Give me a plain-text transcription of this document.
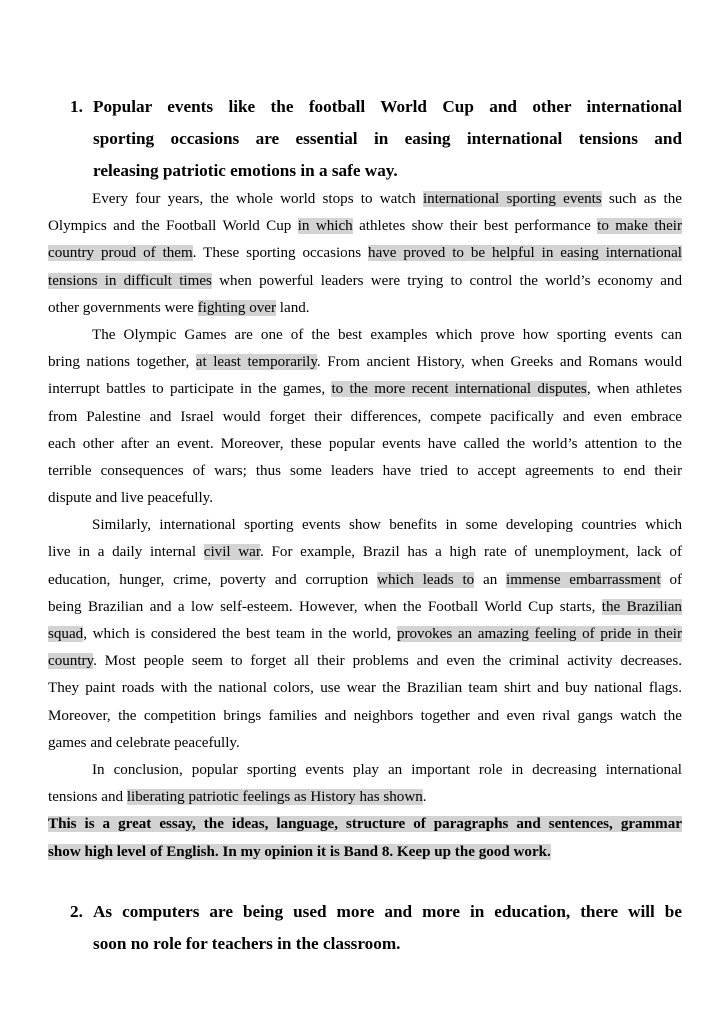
1. Popular events like the football World Cup and other international
sporting occasions are essential in easing international tensions and
releasing patriotic emotions in a safe way.
Every four years, the whole world stops to watch international sporting events such as the
Olympics and the Football World Cup in which athletes show their best performance to make their
country proud of them. These sporting occasions have proved to be helpful in easing international
tensions in difficult times when powerful leaders were trying to control the world’s economy and
other governments were fighting over land.
The Olympic Games are one of the best examples which prove how sporting events can
bring nations together, at least temporarily. From ancient History, when Greeks and Romans would
interrupt battles to participate in the games, to the more recent international disputes, when athletes
from Palestine and Israel would forget their differences, compete pacifically and even embrace
each other after an event. Moreover, these popular events have called the world’s attention to the
terrible consequences of wars; thus some leaders have tried to accept agreements to end their
dispute and live peacefully.
Similarly, international sporting events show benefits in some developing countries which
live in a daily internal civil war. For example, Brazil has a high rate of unemployment, lack of
education, hunger, crime, poverty and corruption which leads to an immense embarrassment of
being Brazilian and a low self-esteem. However, when the Football World Cup starts, the Brazilian
squad, which is considered the best team in the world, provokes an amazing feeling of pride in their
country. Most people seem to forget all their problems and even the criminal activity decreases.
They paint roads with the national colors, use wear the Brazilian team shirt and buy national flags.
Moreover, the competition brings families and neighbors together and even rival gangs watch the
games and celebrate peacefully.
In conclusion, popular sporting events play an important role in decreasing international
tensions and liberating patriotic feelings as History has shown.
This is a great essay, the ideas, language, structure of paragraphs and sentences, grammar
show high level of English. In my opinion it is Band 8. Keep up the good work.
2. As computers are being used more and more in education, there will be
soon no role for teachers in the classroom.
